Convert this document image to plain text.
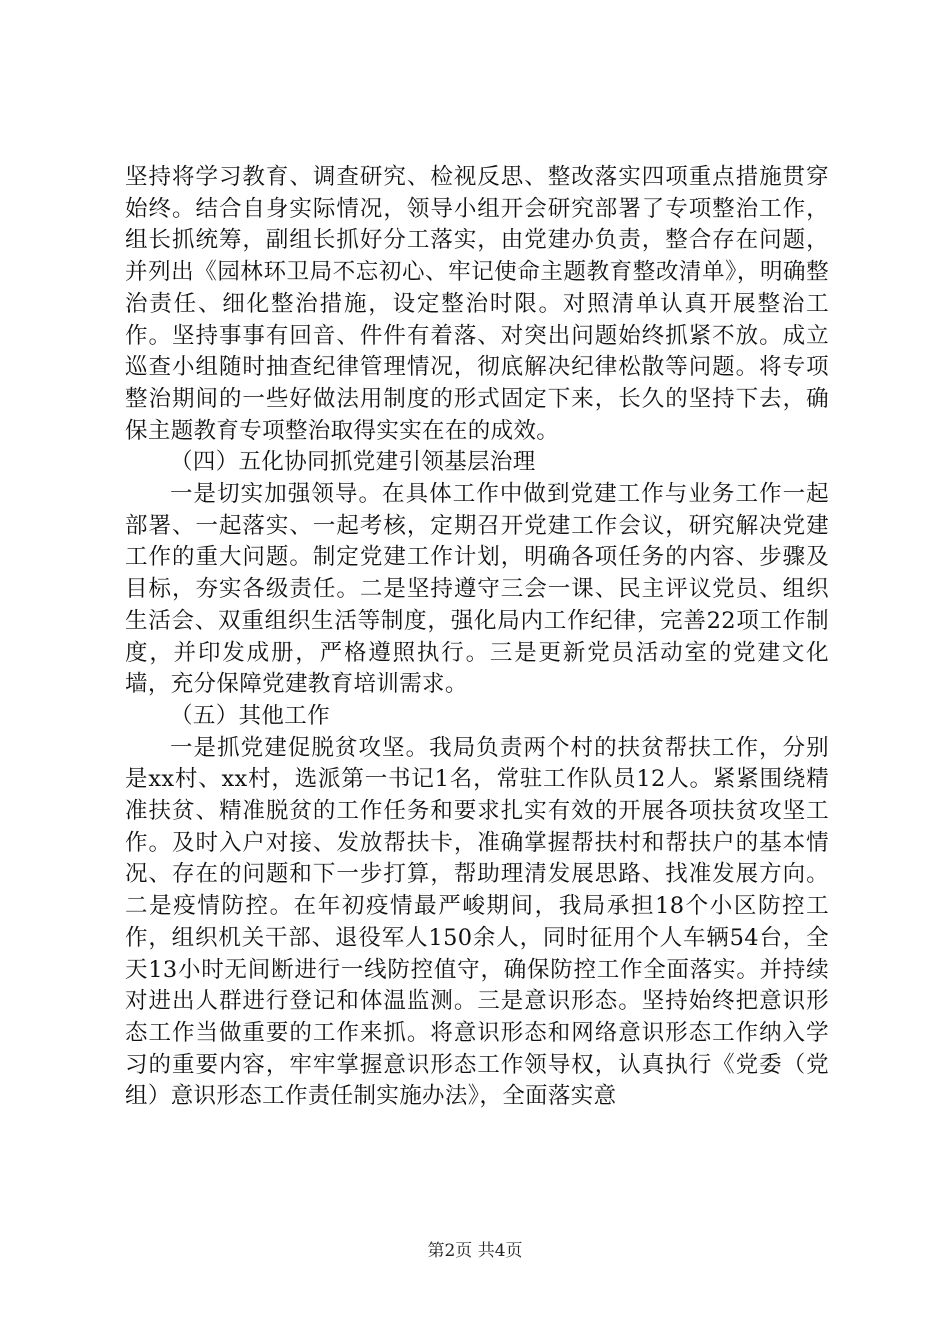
坚持将学习教育、调查研究、检视反思、整改落实四项重点措施贯穿始终。结合自身实际情况，领导小组开会研究部署了专项整治工作，组长抓统筹，副组长抓好分工落实，由党建办负责，整合存在问题，并列出《园林环卫局不忘初心、牢记使命主题教育整改清单》，明确整治责任、细化整治措施，设定整治时限。对照清单认真开展整治工作。坚持事事有回音、件件有着落、对突出问题始终抓紧不放。成立巡查小组随时抽查纪律管理情况，彻底解决纪律松散等问题。将专项整治期间的一些好做法用制度的形式固定下来，长久的坚持下去，确保主题教育专项整治取得实实在在的成效。

（四）五化协同抓党建引领基层治理

一是切实加强领导。在具体工作中做到党建工作与业务工作一起部署、一起落实、一起考核，定期召开党建工作会议，研究解决党建工作的重大问题。制定党建工作计划，明确各项任务的内容、步骤及目标，夯实各级责任。二是坚持遵守三会一课、民主评议党员、组织生活会、双重组织生活等制度，强化局内工作纪律，完善22项工作制度，并印发成册，严格遵照执行。三是更新党员活动室的党建文化墙，充分保障党建教育培训需求。

（五）其他工作

一是抓党建促脱贫攻坚。我局负责两个村的扶贫帮扶工作，分别是xx村、xx村，选派第一书记1名，常驻工作队员12人。紧紧围绕精准扶贫、精准脱贫的工作任务和要求扎实有效的开展各项扶贫攻坚工作。及时入户对接、发放帮扶卡，准确掌握帮扶村和帮扶户的基本情况、存在的问题和下一步打算，帮助理清发展思路、找准发展方向。二是疫情防控。在年初疫情最严峻期间，我局承担18个小区防控工作，组织机关干部、退役军人150余人，同时征用个人车辆54台，全天13小时无间断进行一线防控值守，确保防控工作全面落实。并持续对进出人群进行登记和体温监测。三是意识形态。坚持始终把意识形态工作当做重要的工作来抓。将意识形态和网络意识形态工作纳入学习的重要内容，牢牢掌握意识形态工作领导权，认真执行《党委（党组）意识形态工作责任制实施办法》，全面落实意

第2页 共4页
